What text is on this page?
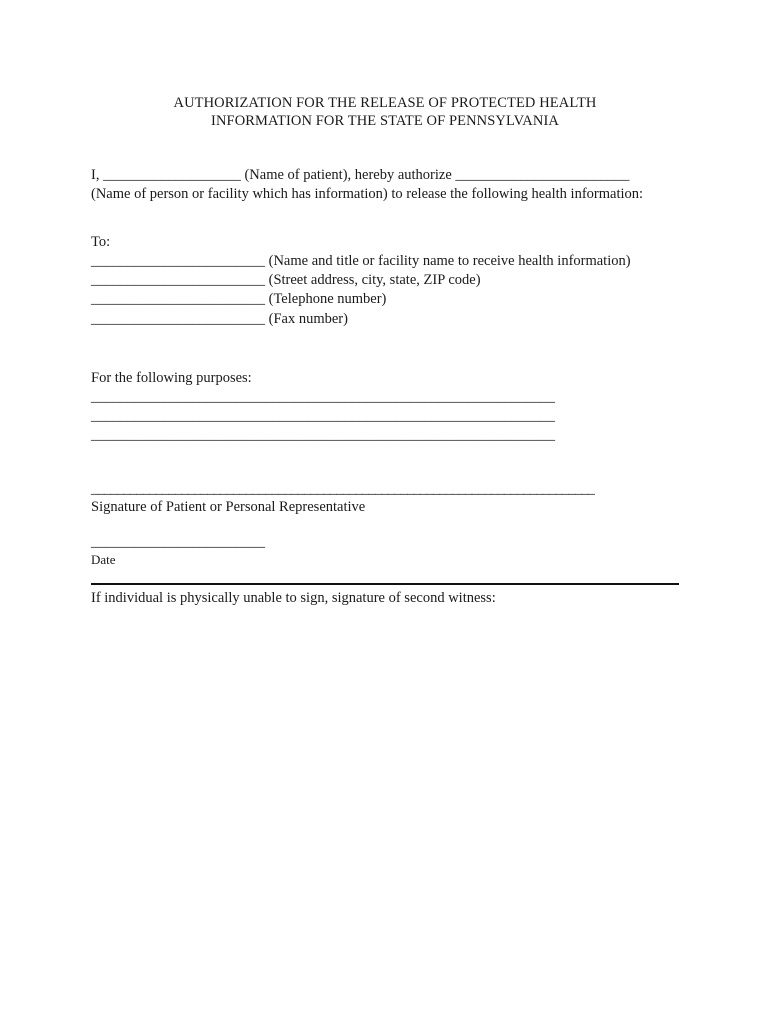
AUTHORIZATION FOR THE RELEASE OF PROTECTED HEALTH
INFORMATION FOR THE STATE OF PENNSYLVANIA
I, ___________________ (Name of patient), hereby authorize ________________________
(Name of person or facility which has information) to release the following health information:
To:
________________________ (Name and title or facility name to receive health information)
________________________ (Street address, city, state, ZIP code)
________________________ (Telephone number)
________________________ (Fax number)
For the following purposes:
________________________________________________________________
________________________________________________________________
________________________________________________________________
______________________________________________________________________________
Signature of Patient or Personal Representative
________________________
Date
If individual is physically unable to sign, signature of second witness:
